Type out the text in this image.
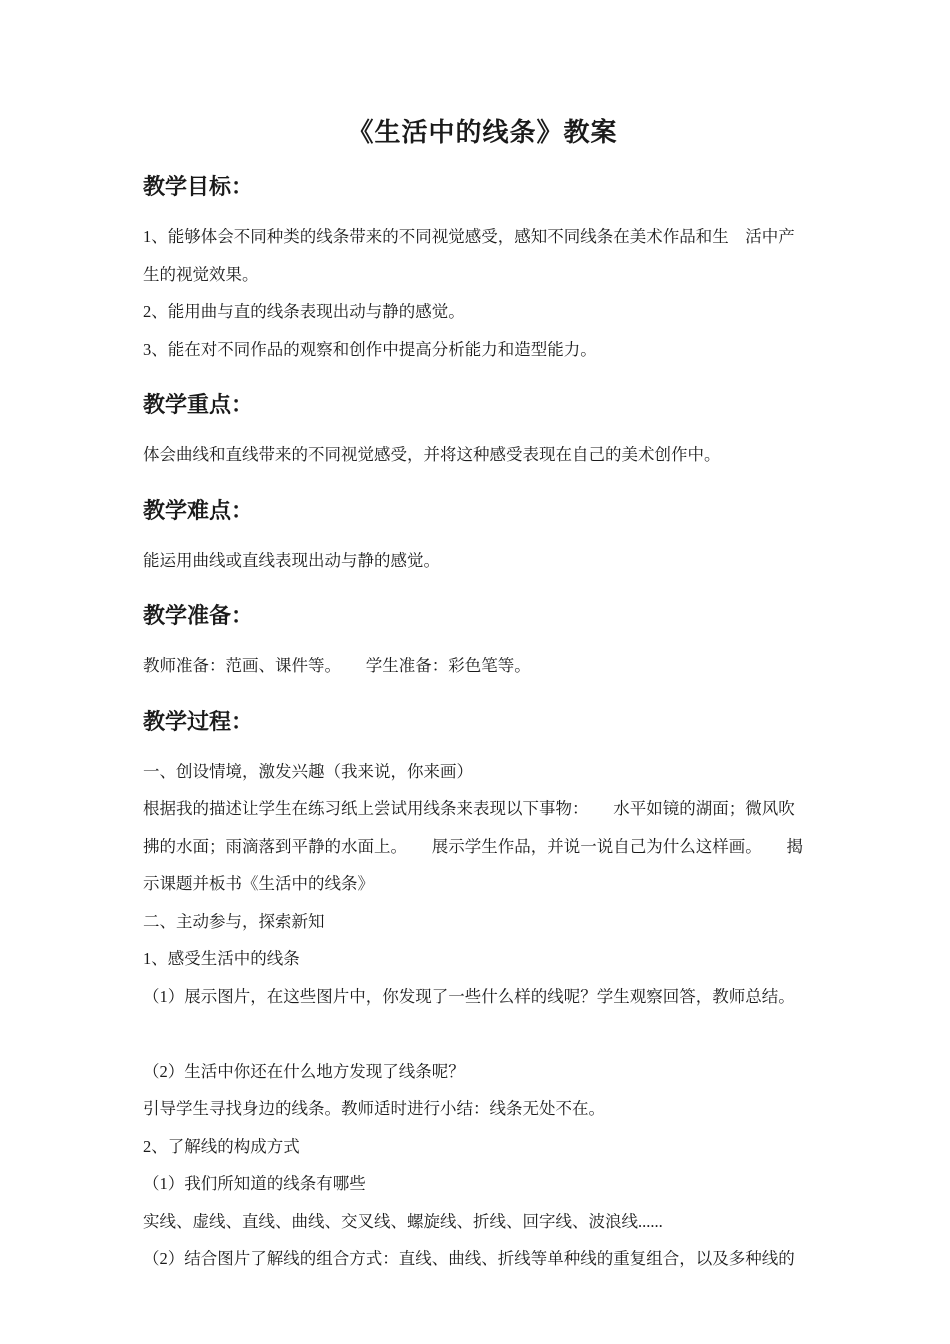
《生活中的线条》教案
教学目标：
1、能够体会不同种类的线条带来的不同视觉感受，感知不同线条在美术作品和生　活中产
生的视觉效果。
2、能用曲与直的线条表现出动与静的感觉。
3、能在对不同作品的观察和创作中提高分析能力和造型能力。
教学重点：
体会曲线和直线带来的不同视觉感受，并将这种感受表现在自己的美术创作中。
教学难点：
能运用曲线或直线表现出动与静的感觉。
教学准备：
教师准备：范画、课件等。　　学生准备：彩色笔等。
教学过程：
一、创设情境，激发兴趣（我来说，你来画）
根据我的描述让学生在练习纸上尝试用线条来表现以下事物：　　水平如镜的湖面；微风吹
拂的水面；雨滴落到平静的水面上。　　展示学生作品，并说一说自己为什么这样画。　　揭
示课题并板书《生活中的线条》
二、主动参与，探索新知
1、感受生活中的线条
（1）展示图片，在这些图片中，你发现了一些什么样的线呢？学生观察回答，教师总结。

（2）生活中你还在什么地方发现了线条呢？
引导学生寻找身边的线条。教师适时进行小结：线条无处不在。
2、了解线的构成方式
（1）我们所知道的线条有哪些
实线、虚线、直线、曲线、交叉线、螺旋线、折线、回字线、波浪线......
（2）结合图片了解线的组合方式：直线、曲线、折线等单种线的重复组合，以及多种线的
